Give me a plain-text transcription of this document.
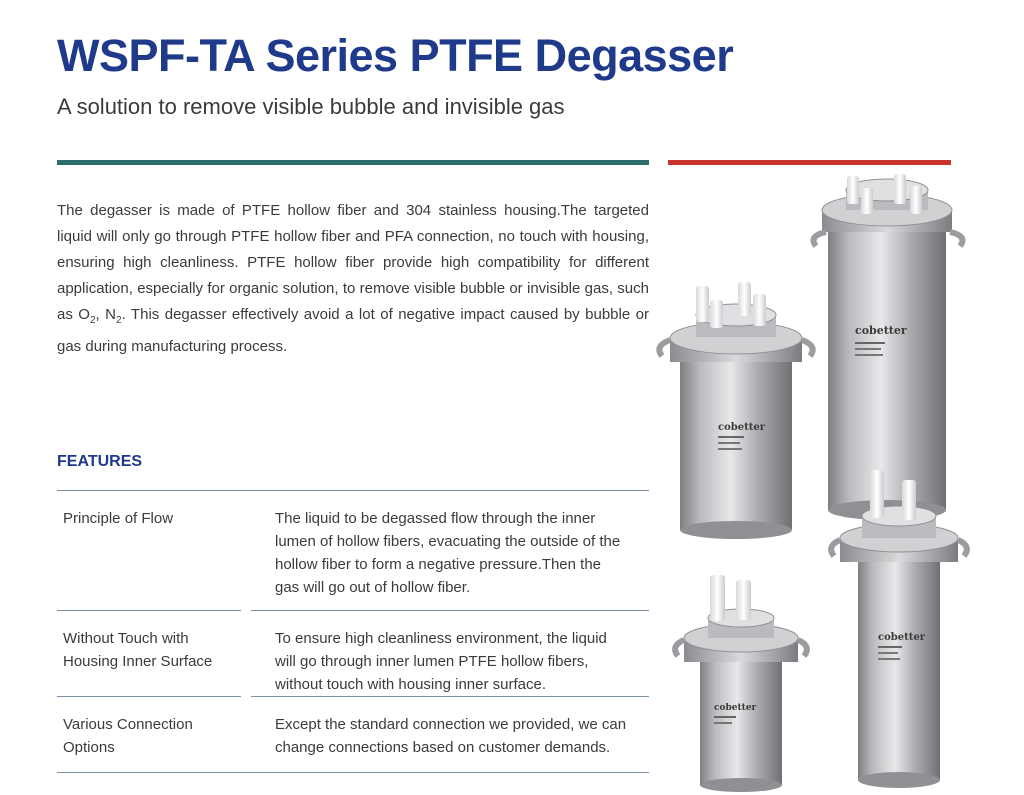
WSPF-TA Series PTFE Degasser
A solution to remove visible bubble and invisible gas
The degasser is made of PTFE hollow fiber and 304 stainless housing.The targeted liquid will only go through PTFE hollow fiber and PFA connection, no touch with housing, ensuring high cleanliness. PTFE hollow fiber provide high compatibility for different application, especially for organic solution, to remove visible bubble or invisible gas, such as $O_2$, $N_2$. This degasser effectively avoid a lot of negative impact caused by bubble or gas during manufacturing process.
FEATURES
Principle of Flow	The liquid to be degassed flow through the inner lumen of hollow fibers, evacuating the outside of the hollow fiber to form a negative pressure.Then the gas will go out of hollow fiber.
Without Touch with Housing Inner Surface
To ensure high cleanliness environment, the liquid will go through inner lumen PTFE hollow fibers, without touch with housing inner surface.
Various Connection Options
Except the standard connection we provided, we can change connections based on customer demands.
cobetter
cobetter
cobetter
cobetter
